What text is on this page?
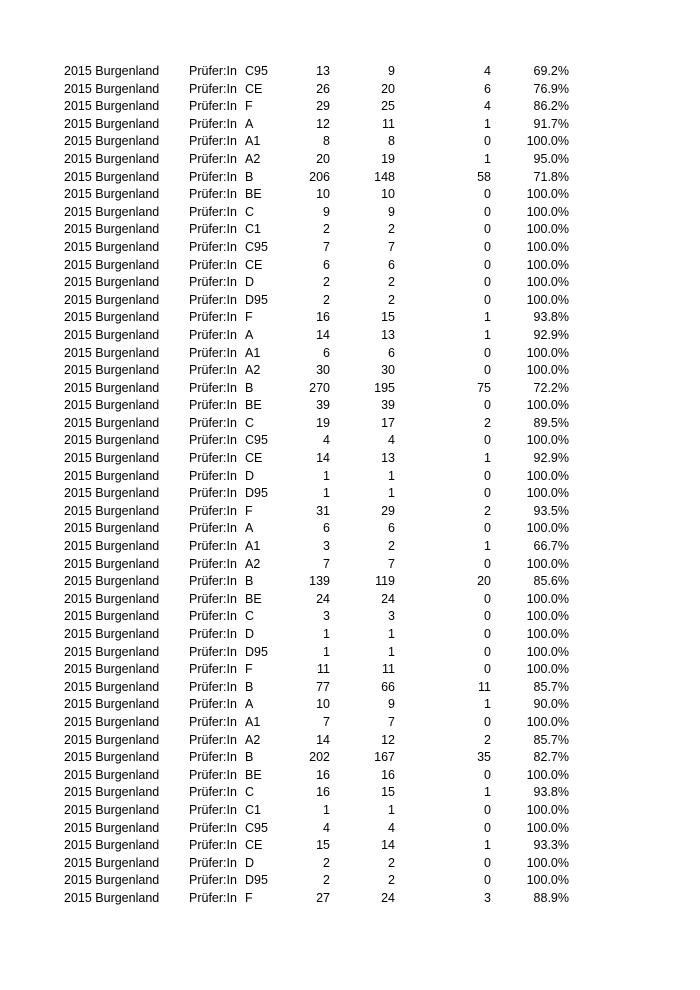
2015 Burgenland Prüfer:In C95	13	9	4	69.2%
2015 Burgenland Prüfer:In CE	26	20	6	76.9%
2015 Burgenland Prüfer:In F	29	25	4	86.2%
2015 Burgenland Prüfer:In A	12	11	1	91.7%
2015 Burgenland Prüfer:In A1	8	8	0	100.0%
2015 Burgenland Prüfer:In A2	20	19	1	95.0%
2015 Burgenland Prüfer:In B	206	148	58	71.8%
2015 Burgenland Prüfer:In BE	10	10	0	100.0%
2015 Burgenland Prüfer:In C	9	9	0	100.0%
2015 Burgenland Prüfer:In C1	2	2	0	100.0%
2015 Burgenland Prüfer:In C95	7	7	0	100.0%
2015 Burgenland Prüfer:In CE	6	6	0	100.0%
2015 Burgenland Prüfer:In D	2	2	0	100.0%
2015 Burgenland Prüfer:In D95	2	2	0	100.0%
2015 Burgenland Prüfer:In F	16	15	1	93.8%
2015 Burgenland Prüfer:In A	14	13	1	92.9%
2015 Burgenland Prüfer:In A1	6	6	0	100.0%
2015 Burgenland Prüfer:In A2	30	30	0	100.0%
2015 Burgenland Prüfer:In B	270	195	75	72.2%
2015 Burgenland Prüfer:In BE	39	39	0	100.0%
2015 Burgenland Prüfer:In C	19	17	2	89.5%
2015 Burgenland Prüfer:In C95	4	4	0	100.0%
2015 Burgenland Prüfer:In CE	14	13	1	92.9%
2015 Burgenland Prüfer:In D	1	1	0	100.0%
2015 Burgenland Prüfer:In D95	1	1	0	100.0%
2015 Burgenland Prüfer:In F	31	29	2	93.5%
2015 Burgenland Prüfer:In A	6	6	0	100.0%
2015 Burgenland Prüfer:In A1	3	2	1	66.7%
2015 Burgenland Prüfer:In A2	7	7	0	100.0%
2015 Burgenland Prüfer:In B	139	119	20	85.6%
2015 Burgenland Prüfer:In BE	24	24	0	100.0%
2015 Burgenland Prüfer:In C	3	3	0	100.0%
2015 Burgenland Prüfer:In D	1	1	0	100.0%
2015 Burgenland Prüfer:In D95	1	1	0	100.0%
2015 Burgenland Prüfer:In F	11	11	0	100.0%
2015 Burgenland Prüfer:In B	77	66	11	85.7%
2015 Burgenland Prüfer:In A	10	9	1	90.0%
2015 Burgenland Prüfer:In A1	7	7	0	100.0%
2015 Burgenland Prüfer:In A2	14	12	2	85.7%
2015 Burgenland Prüfer:In B	202	167	35	82.7%
2015 Burgenland Prüfer:In BE	16	16	0	100.0%
2015 Burgenland Prüfer:In C	16	15	1	93.8%
2015 Burgenland Prüfer:In C1	1	1	0	100.0%
2015 Burgenland Prüfer:In C95	4	4	0	100.0%
2015 Burgenland Prüfer:In CE	15	14	1	93.3%
2015 Burgenland Prüfer:In D	2	2	0	100.0%
2015 Burgenland Prüfer:In D95	2	2	0	100.0%
2015 Burgenland Prüfer:In F	27	24	3	88.9%
